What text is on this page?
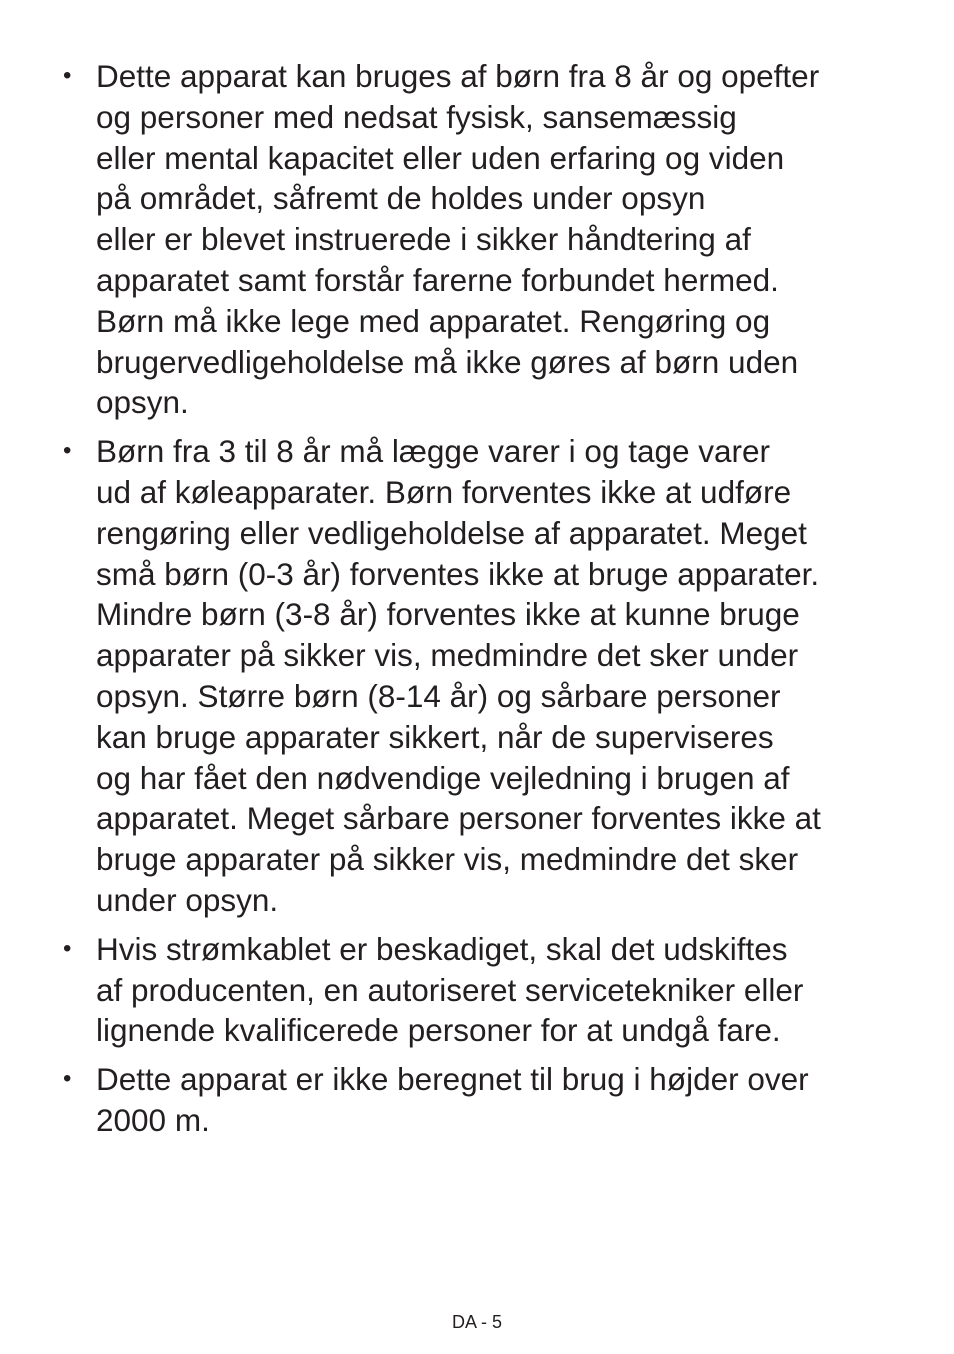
• Dette apparat kan bruges af børn fra 8 år og opefter
og personer med nedsat fysisk, sansemæssig
eller mental kapacitet eller uden erfaring og viden
på området, såfremt de holdes under opsyn
eller er blevet instruerede i sikker håndtering af
apparatet samt forstår farerne forbundet hermed.
Børn må ikke lege med apparatet. Rengøring og
brugervedligeholdelse må ikke gøres af børn uden
opsyn.
• Børn fra 3 til 8 år må lægge varer i og tage varer
ud af køleapparater. Børn forventes ikke at udføre
rengøring eller vedligeholdelse af apparatet. Meget
små børn (0-3 år) forventes ikke at bruge apparater.
Mindre børn (3-8 år) forventes ikke at kunne bruge
apparater på sikker vis, medmindre det sker under
opsyn. Større børn (8-14 år) og sårbare personer
kan bruge apparater sikkert, når de superviseres
og har fået den nødvendige vejledning i brugen af
apparatet. Meget sårbare personer forventes ikke at
bruge apparater på sikker vis, medmindre det sker
under opsyn.
• Hvis strømkablet er beskadiget, skal det udskiftes
af producenten, en autoriseret servicetekniker eller
lignende kvalificerede personer for at undgå fare.
• Dette apparat er ikke beregnet til brug i højder over
2000 m.
DA - 5
